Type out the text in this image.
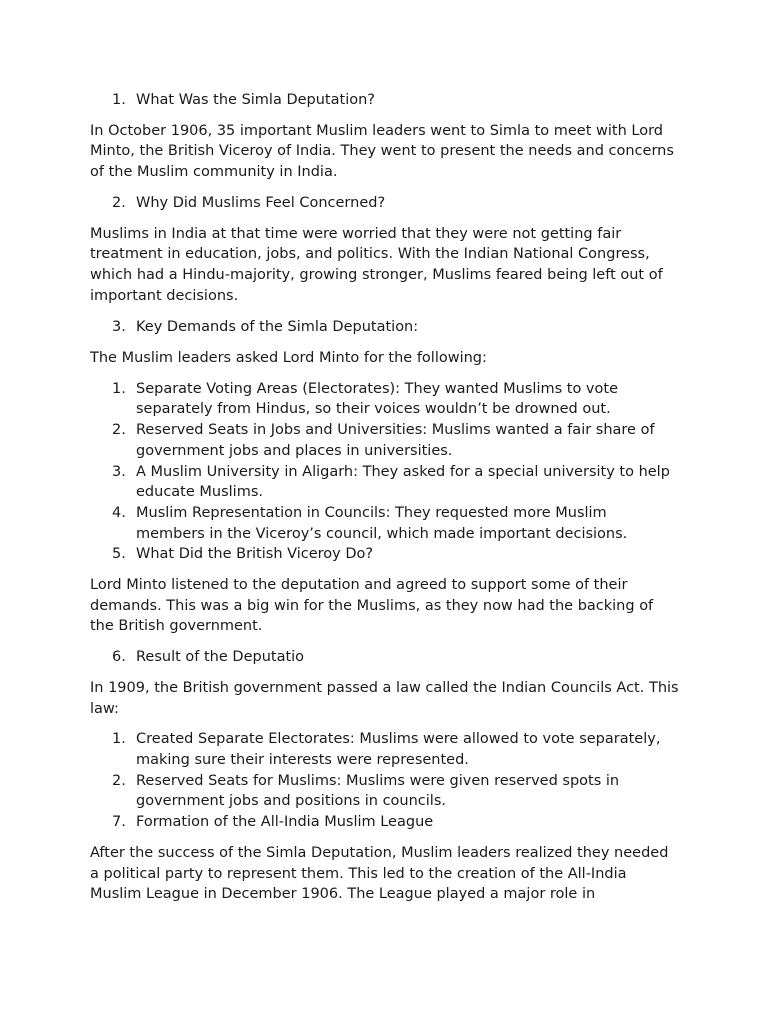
1. What Was the Simla Deputation?

In October 1906, 35 important Muslim leaders went to Simla to meet with Lord Minto, the British Viceroy of India. They went to present the needs and concerns of the Muslim community in India.

2. Why Did Muslims Feel Concerned?

Muslims in India at that time were worried that they were not getting fair treatment in education, jobs, and politics. With the Indian National Congress, which had a Hindu-majority, growing stronger, Muslims feared being left out of important decisions.

3. Key Demands of the Simla Deputation:

The Muslim leaders asked Lord Minto for the following:

1. Separate Voting Areas (Electorates): They wanted Muslims to vote separately from Hindus, so their voices wouldn’t be drowned out.
2. Reserved Seats in Jobs and Universities: Muslims wanted a fair share of government jobs and places in universities.
3. A Muslim University in Aligarh: They asked for a special university to help educate Muslims.
4. Muslim Representation in Councils: They requested more Muslim members in the Viceroy’s council, which made important decisions.
5. What Did the British Viceroy Do?

Lord Minto listened to the deputation and agreed to support some of their demands. This was a big win for the Muslims, as they now had the backing of the British government.

6. Result of the Deputatio

In 1909, the British government passed a law called the Indian Councils Act. This law:

1. Created Separate Electorates: Muslims were allowed to vote separately, making sure their interests were represented.
2. Reserved Seats for Muslims: Muslims were given reserved spots in government jobs and positions in councils.
7. Formation of the All-India Muslim League

After the success of the Simla Deputation, Muslim leaders realized they needed a political party to represent them. This led to the creation of the All-India Muslim League in December 1906. The League played a major role in
